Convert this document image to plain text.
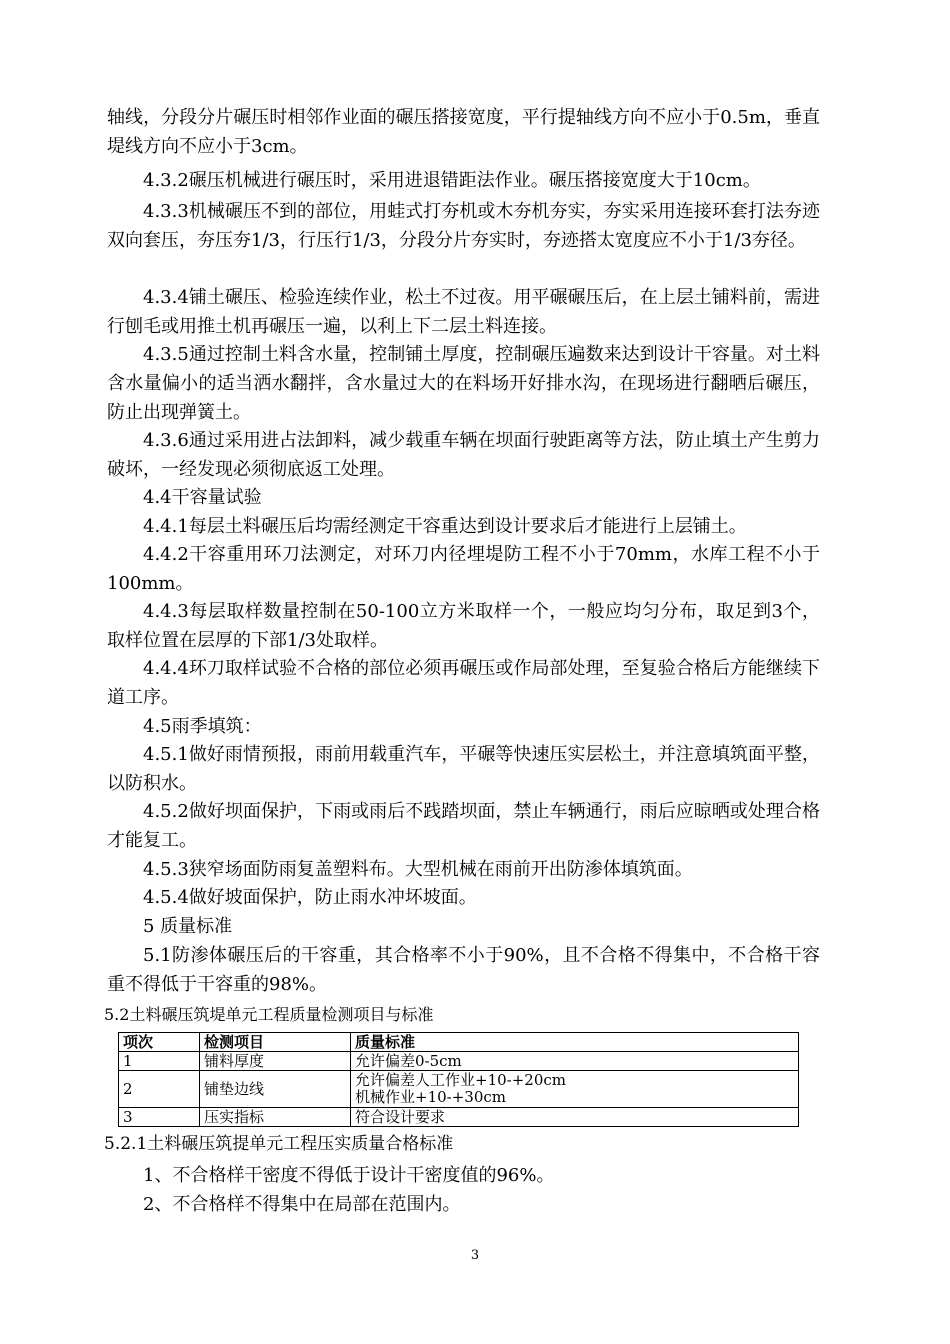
轴线，分段分片碾压时相邻作业面的碾压搭接宽度，平行提轴线方向不应小于0.5m，垂直堤线方向不应小于3cm。

4.3.2碾压机械进行碾压时，采用进退错距法作业。碾压搭接宽度大于10cm。

4.3.3机械碾压不到的部位，用蛙式打夯机或木夯机夯实，夯实采用连接环套打法夯迹双向套压，夯压夯1/3，行压行1/3，分段分片夯实时，夯迹搭太宽度应不小于1/3夯径。

4.3.4铺土碾压、检验连续作业，松土不过夜。用平碾碾压后，在上层土铺料前，需进行刨毛或用推土机再碾压一遍，以利上下二层土料连接。

4.3.5通过控制土料含水量，控制铺土厚度，控制碾压遍数来达到设计干容量。对土料含水量偏小的适当洒水翻拌，含水量过大的在料场开好排水沟，在现场进行翻晒后碾压，防止出现弹簧土。

4.3.6通过采用进占法卸料，减少载重车辆在坝面行驶距离等方法，防止填土产生剪力破坏，一经发现必须彻底返工处理。

4.4干容量试验

4.4.1每层土料碾压后均需经测定干容重达到设计要求后才能进行上层铺土。

4.4.2干容重用环刀法测定，对环刀内径埋堤防工程不小于70mm，水库工程不小于100mm。

4.4.3每层取样数量控制在50-100立方米取样一个，一般应均匀分布，取足到3个，取样位置在层厚的下部1/3处取样。

4.4.4环刀取样试验不合格的部位必须再碾压或作局部处理，至复验合格后方能继续下道工序。

4.5雨季填筑：

4.5.1做好雨情预报，雨前用载重汽车，平碾等快速压实层松土，并注意填筑面平整，以防积水。

4.5.2做好坝面保护，下雨或雨后不践踏坝面，禁止车辆通行，雨后应晾晒或处理合格才能复工。

4.5.3狭窄场面防雨复盖塑料布。大型机械在雨前开出防渗体填筑面。

4.5.4做好坡面保护，防止雨水冲坏坡面。

5 质量标准

5.1防渗体碾压后的干容重，其合格率不小于90%，且不合格不得集中，不合格干容重不得低于干容重的98%。

5.2土料碾压筑堤单元工程质量检测项目与标准

项次	检测项目	质量标准
1	铺料厚度	允许偏差0-5cm
2	铺垫边线	允许偏差人工作业+10-+20cm
机械作业+10-+30cm
3	压实指标	符合设计要求

5.2.1土料碾压筑提单元工程压实质量合格标准

1、不合格样干密度不得低于设计干密度值的96%。

2、不合格样不得集中在局部在范围内。

3
